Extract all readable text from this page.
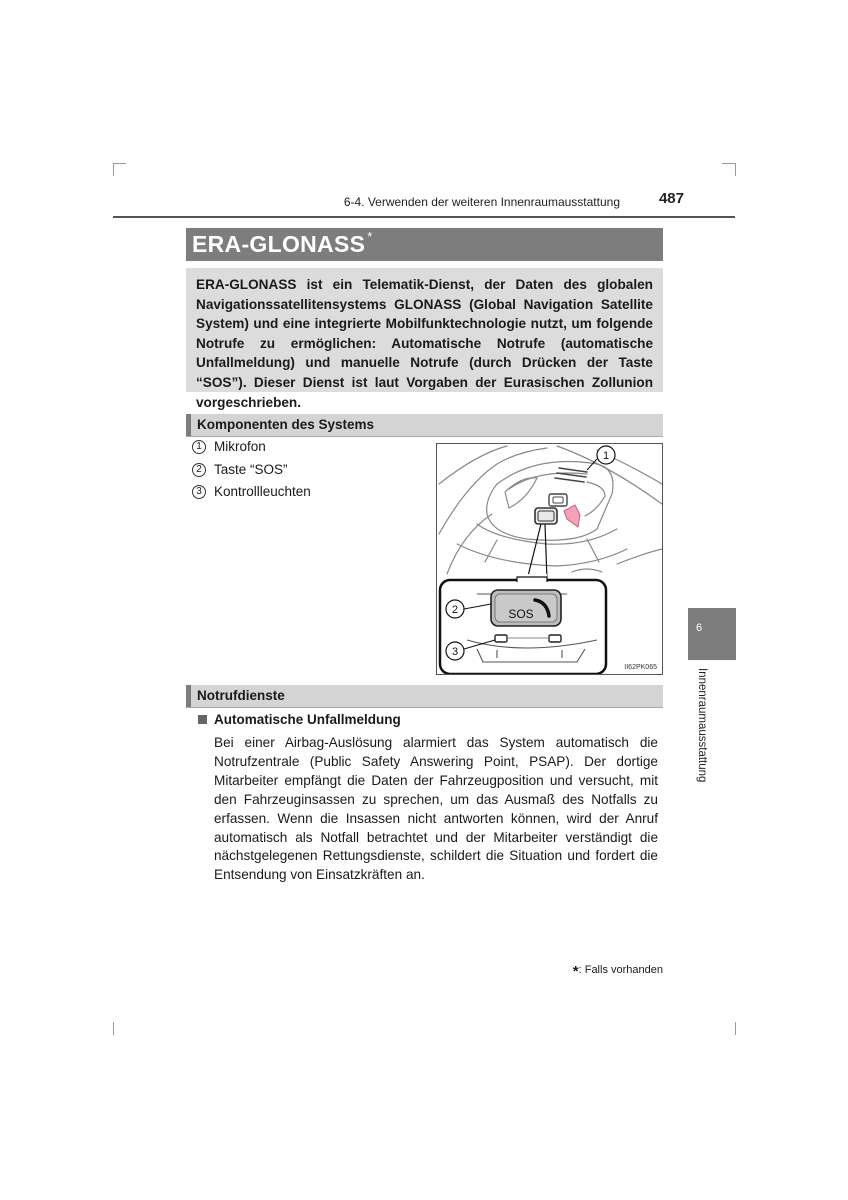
6-4. Verwenden der weiteren Innenraumausstattung	487
ERA-GLONASS *
ERA-GLONASS ist ein Telematik-Dienst, der Daten des globalen Navigationssatellitensystems GLONASS (Global Navigation Satellite System) und eine integrierte Mobilfunktechnologie nutzt, um folgende Notrufe zu ermöglichen: Automatische Notrufe (automatische Unfallmeldung) und manuelle Notrufe (durch Drücken der Taste “SOS”). Dieser Dienst ist laut Vorgaben der Eurasischen Zollunion vorgeschrieben.
Komponenten des Systems
1 Mikrofon
2 Taste “SOS”
3 Kontrollleuchten
1
SOS
2
3
II62PK065
Notrufdienste
Automatische Unfallmeldung
Bei einer Airbag-Auslösung alarmiert das System automatisch die Notrufzentrale (Public Safety Answering Point, PSAP). Der dortige Mitarbeiter empfängt die Daten der Fahrzeugposition und versucht, mit den Fahrzeuginsassen zu sprechen, um das Ausmaß des Notfalls zu erfassen. Wenn die Insassen nicht antworten können, wird der Anruf automatisch als Notfall betrachtet und der Mitarbeiter verständigt die nächstgelegenen Rettungsdienste, schildert die Situation und fordert die Entsendung von Einsatzkräften an.
*: Falls vorhanden
6
Innenraumausstattung
